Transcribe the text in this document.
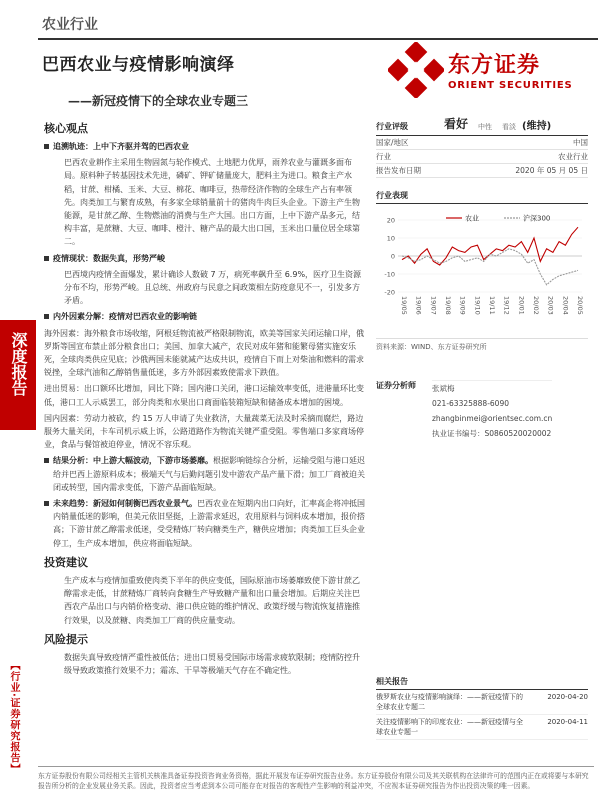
农业行业
巴西农业与疫情影响演绎
——新冠疫情下的全球农业专题三
东方证券
ORIENT SECURITIES
深度报告
【行业·证券研究报告】
核心观点
追溯轨迹：上中下齐驱并驾的巴西农业
巴西农业耕作主采用生物固氮与轮作模式、土地肥力优厚，雨养农业与灌溉多面布局。原料种子转基因技术先进，磷矿、钾矿储量庞大，肥料主为进口。粮食主产水稻，甘蔗、柑橘、玉米、大豆、棉花、咖啡豆，热带经济作物的全球生产占有率领先。肉类加工与繁育成熟，有多家全球销量前十的猪肉牛肉巨头企业。下游主产生物能源，是甘蔗乙醇、生物燃油的消费与生产大国。出口方面，上中下游产品多元，结构丰富，是蔗糖、大豆、咖啡、橙汁、糖产品的最大出口国，玉米出口量位居全球第二。
疫情现状：数据失真，形势严峻
巴西境内疫情全面爆发，累计确诊人数破 7 万，病死率飙升至 6.9%，医疗卫生资源分布不均，形势严峻。且总统、州政府与民意之间政策相左防疫意见不一，引发多方矛盾。
内外因素分解：疫情对巴西农业的影响链
海外因素：海外粮食市场收缩，阿根廷物流被严格限制物流，欧美等国家关闭运输口岸，俄罗斯等国宣布禁止部分粮食出口；美国、加拿大减产，农民对成年猪和能繁母猪实施安乐死，全球肉类供应见底；沙俄两国未能就减产达成共识，疫情自下而上对柴油和燃料的需求锐挫，全球汽油和乙醇销售量低迷，多方外部因素致使需求下跌值。
进出贸易：出口额环比增加，同比下降；国内港口关闭，港口运输效率变低，进港量环比变低，港口工人示威罢工，部分肉类和水果出口商面临装箱短缺和储备成本增加的困境。
国内因素：劳动力被砍，约 15 万人申请了失业救济，大量蔬菜无法及时采摘而腐烂，路边服务大量关闭，卡车司机示威上诉，公路道路作为物流关键严重受阻。零售端口多家商场停业，食品与餐馆被迫停业，情况不容乐观。
结果分析：中上游大幅波动，下游市场萎靡。根据影响链综合分析，运输受阻与港口延迟给并巴西上游原料成本；极端天气与后勤问题引发中游农产品产量下滑；加工厂商被迫关闭或转型，国内需求变低，下游产品面临短缺。
未来趋势：新冠如何制衡巴西农业景气。巴西农业在短期内出口向好，汇率高企将冲抵国内销量低迷的影响，但美元依旧坚挺，上游需求延迟，农用原料与饲料成本增加，报价搭高；下游甘蔗乙醇需求低迷，受受精炼厂转向糖类生产，糖供应增加；肉类加工巨头企业停工，生产成本增加，供应将面临短缺。
投资建议
生产成本与疫情加重致使肉类下半年的供应变低，国际原油市场萎靡致使下游甘蔗乙醇需求走低，甘蔗精炼厂商转向食糖生产导致糖产量和出口量会增加。后期应关注巴西农产品出口与内销价格变动、港口供应链的维护情况、政策纾缓与物流恢复措施推行效果，以及蔗糖、肉类加工厂商的供应量变动。
风险提示
数据失真导致疫情严重性被低估；进出口贸易受国际市场需求疲软限制；疫情防控升级导致政策推行效果不力；霜冻、干旱等极端天气存在不确定性。
行业评级	看好 中性 看淡 (维持)
国家/地区	中国
行业	农业行业
报告发布日期	2020 年 05 月 05 日
行业表现
20
10
0
-10
-20
19/05 19/06 19/07 19/08 19/09 19/10 19/11 19/12 20/01 20/02 20/03 20/04 20/05
农业	沪深300
资料来源：WIND、东方证券研究所
证券分析师	张斌梅
021-63325888-6090
zhangbinmei@orientsec.com.cn
执业证书编号：S0860520020002
相关报告
俄罗斯农业与疫情影响演绎：——新冠疫情下的全球农业专题二
2020-04-20
关注疫情影响下的印度农业：——新冠疫情与全球农业专题一
2020-04-11
东方证券股份有限公司经相关主管机关核准具备证券投资咨询业务资格，据此开展发布证券研究报告业务。东方证券股份有限公司及其关联机构在法律许可的范围内正在或将要与本研究报告所分析的企业发展业务关系。因此，投资者应当考虑到本公司可能存在对报告的客观性产生影响的利益冲突，不应视本证券研究报告为作出投资决策的唯一因素。
